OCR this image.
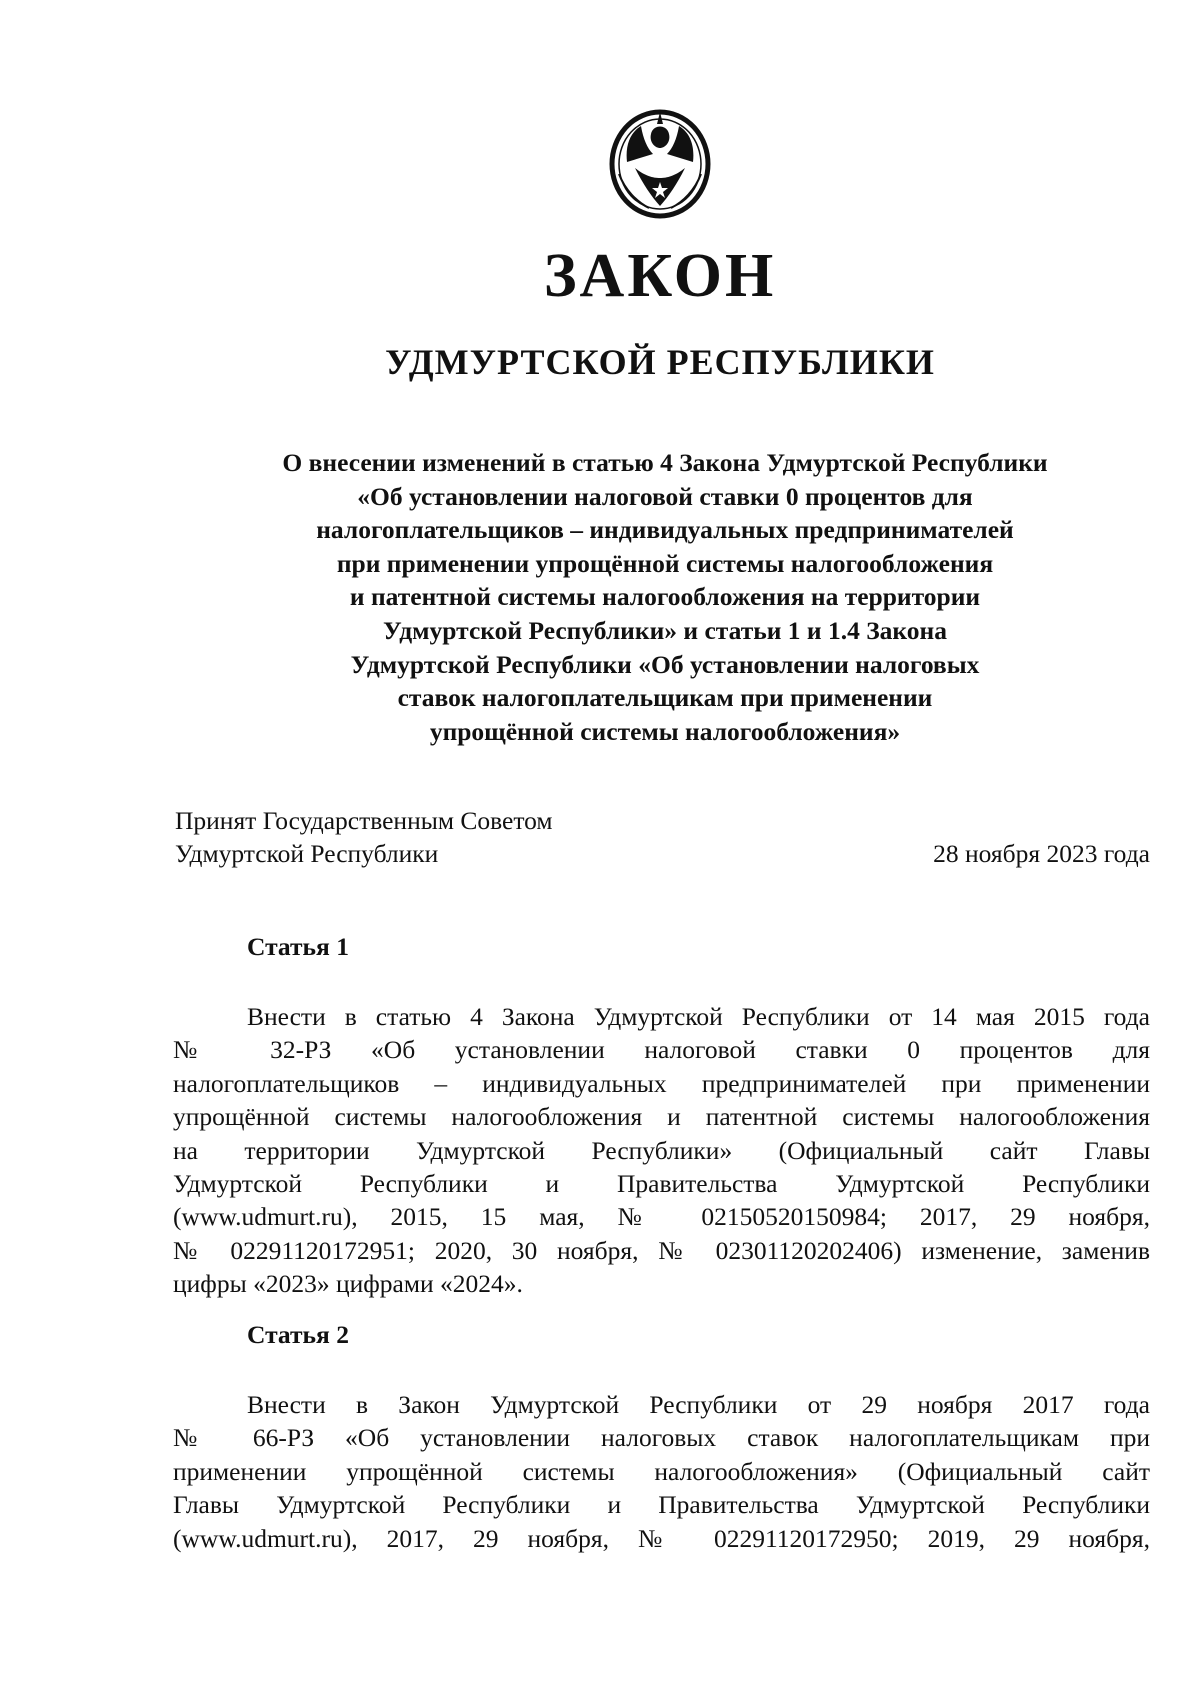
ЗАКОН
УДМУРТСКОЙ РЕСПУБЛИКИ
О внесении изменений в статью 4 Закона Удмуртской Республики
«Об установлении налоговой ставки 0 процентов для
налогоплательщиков – индивидуальных предпринимателей
при применении упрощённой системы налогообложения
и патентной системы налогообложения на территории
Удмуртской Республики» и статьи 1 и 1.4 Закона
Удмуртской Республики «Об установлении налоговых
ставок налогоплательщикам при применении
упрощённой системы налогообложения»
Принят Государственным Советом
Удмуртской Республики	28 ноября 2023 года
Статья 1
Внести в статью 4 Закона Удмуртской Республики от 14 мая 2015 года
№ 32-РЗ «Об установлении налоговой ставки 0 процентов для
налогоплательщиков – индивидуальных предпринимателей при применении
упрощённой системы налогообложения и патентной системы налогообложения
на территории Удмуртской Республики» (Официальный сайт Главы
Удмуртской Республики и Правительства Удмуртской Республики
(www.udmurt.ru), 2015, 15 мая, № 02150520150984; 2017, 29 ноября,
№ 02291120172951; 2020, 30 ноября, № 02301120202406) изменение, заменив
цифры «2023» цифрами «2024».
Статья 2
Внести в Закон Удмуртской Республики от 29 ноября 2017 года
№ 66-РЗ «Об установлении налоговых ставок налогоплательщикам при
применении упрощённой системы налогообложения» (Официальный сайт
Главы Удмуртской Республики и Правительства Удмуртской Республики
(www.udmurt.ru), 2017, 29 ноября, № 02291120172950; 2019, 29 ноября,
